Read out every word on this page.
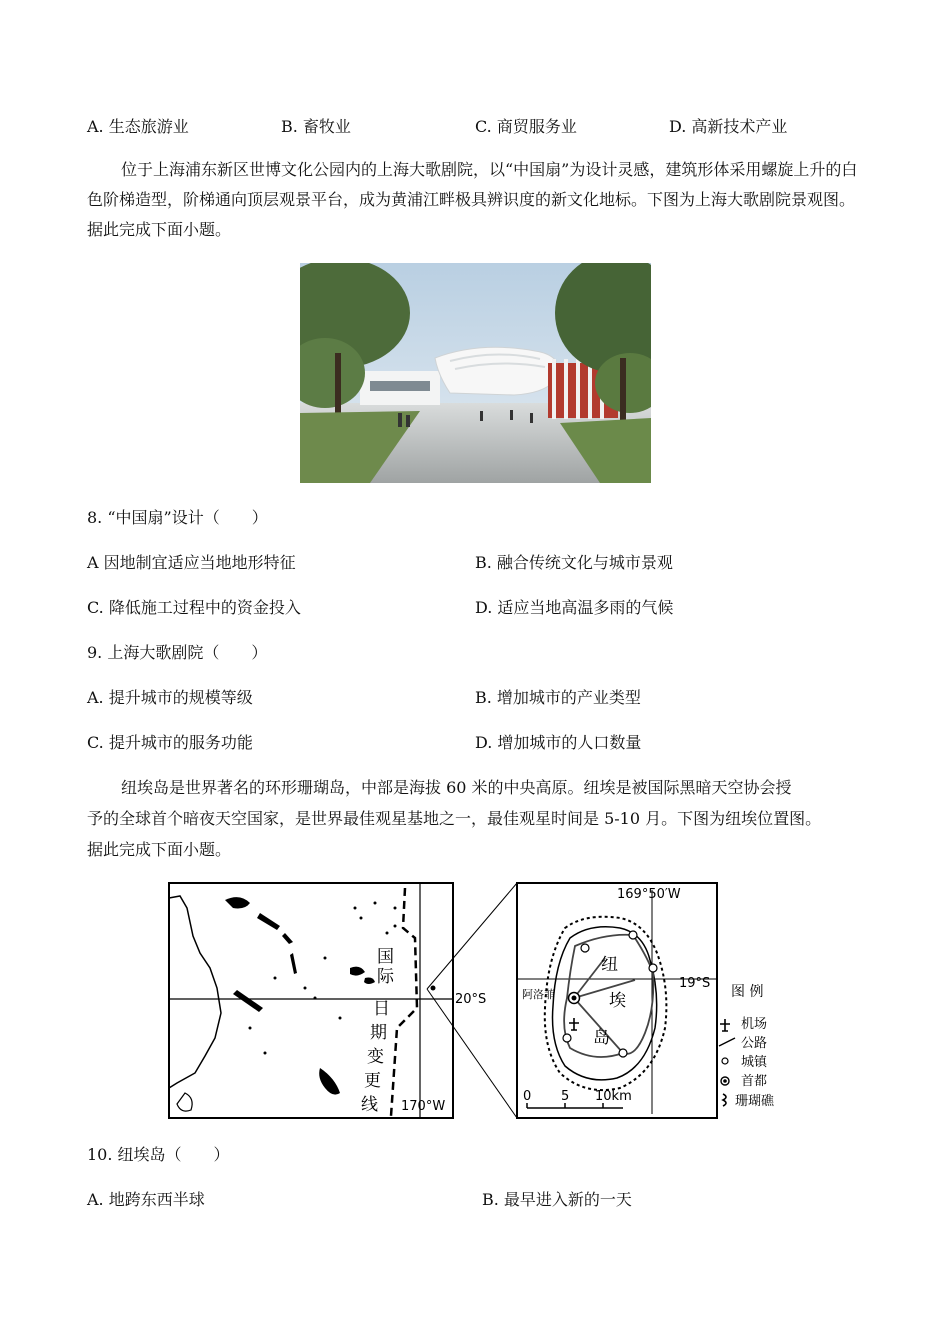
A. 生态旅游业	B. 畜牧业	C. 商贸服务业	D. 高新技术产业
位于上海浦东新区世博文化公园内的上海大歌剧院，以“中国扇”为设计灵感，建筑形体采用螺旋上升的白色阶梯造型，阶梯通向顶层观景平台，成为黄浦江畔极具辨识度的新文化地标。下图为上海大歌剧院景观图。据此完成下面小题。
8. “中国扇”设计（　　）
A 因地制宜适应当地地形特征	B. 融合传统文化与城市景观
C. 降低施工过程中的资金投入	D. 适应当地高温多雨的气候
9. 上海大歌剧院（　　）
A. 提升城市的规模等级	B. 增加城市的产业类型
C. 提升城市的服务功能	D. 增加城市的人口数量
纽埃岛是世界著名的环形珊瑚岛，中部是海拔 60 米的中央高原。纽埃是被国际黑暗天空协会授
予的全球首个暗夜天空国家，是世界最佳观星基地之一，最佳观星时间是 5-10 月。下图为纽埃位置图。
据此完成下面小题。
国
际
日
期
变
更
线
20°S
170°W
169°50′W
19°S
阿洛菲
纽
埃
岛
0 5 10km
图 例
机场
公路
城镇
首都
珊瑚礁
10. 纽埃岛（　　）
A. 地跨东西半球	B. 最早进入新的一天
